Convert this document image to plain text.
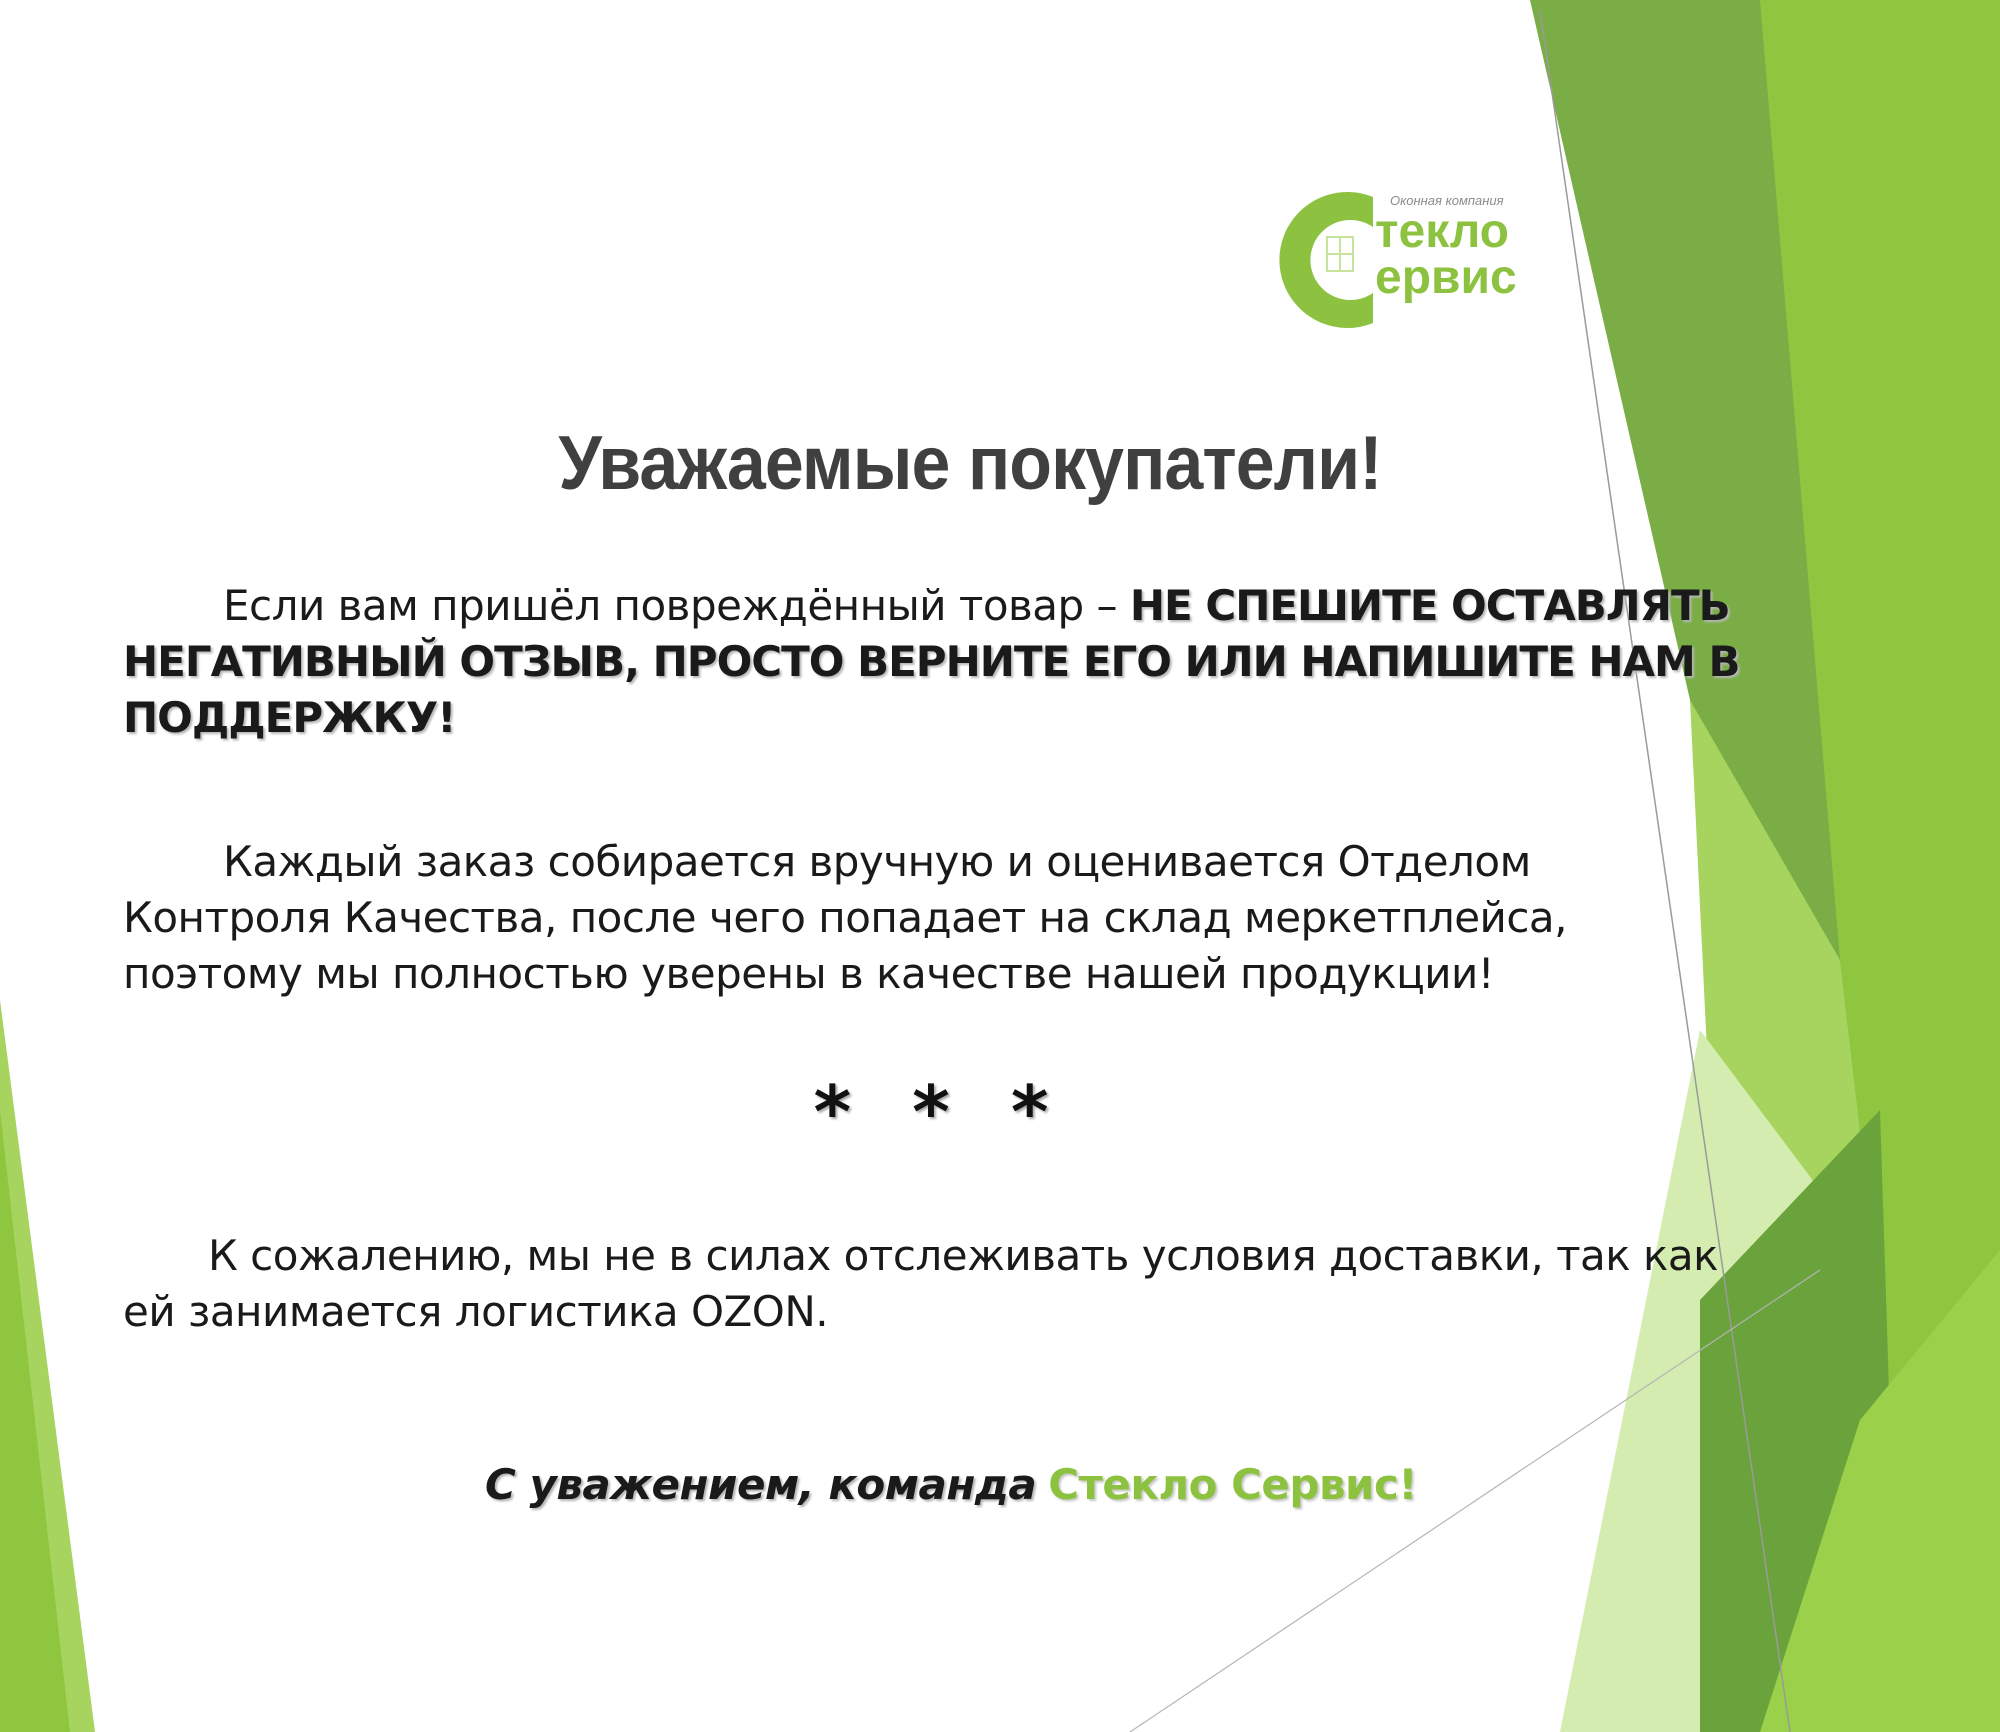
Оконная компания
текло
ервис
Уважаемые покупатели!
Если вам пришёл повреждённый товар – НЕ СПЕШИТЕ ОСТАВЛЯТЬ НЕГАТИВНЫЙ ОТЗЫВ, ПРОСТО ВЕРНИТЕ ЕГО ИЛИ НАПИШИТЕ НАМ В ПОДДЕРЖКУ!
Каждый заказ собирается вручную и оценивается Отделом Контроля Качества, после чего попадает на склад меркетплейса, поэтому мы полностью уверены в качестве нашей продукции!
* * *
К сожалению, мы не в силах отслеживать условия доставки, так как ей занимается логистика OZON.
С уважением, команда Стекло Сервис!
